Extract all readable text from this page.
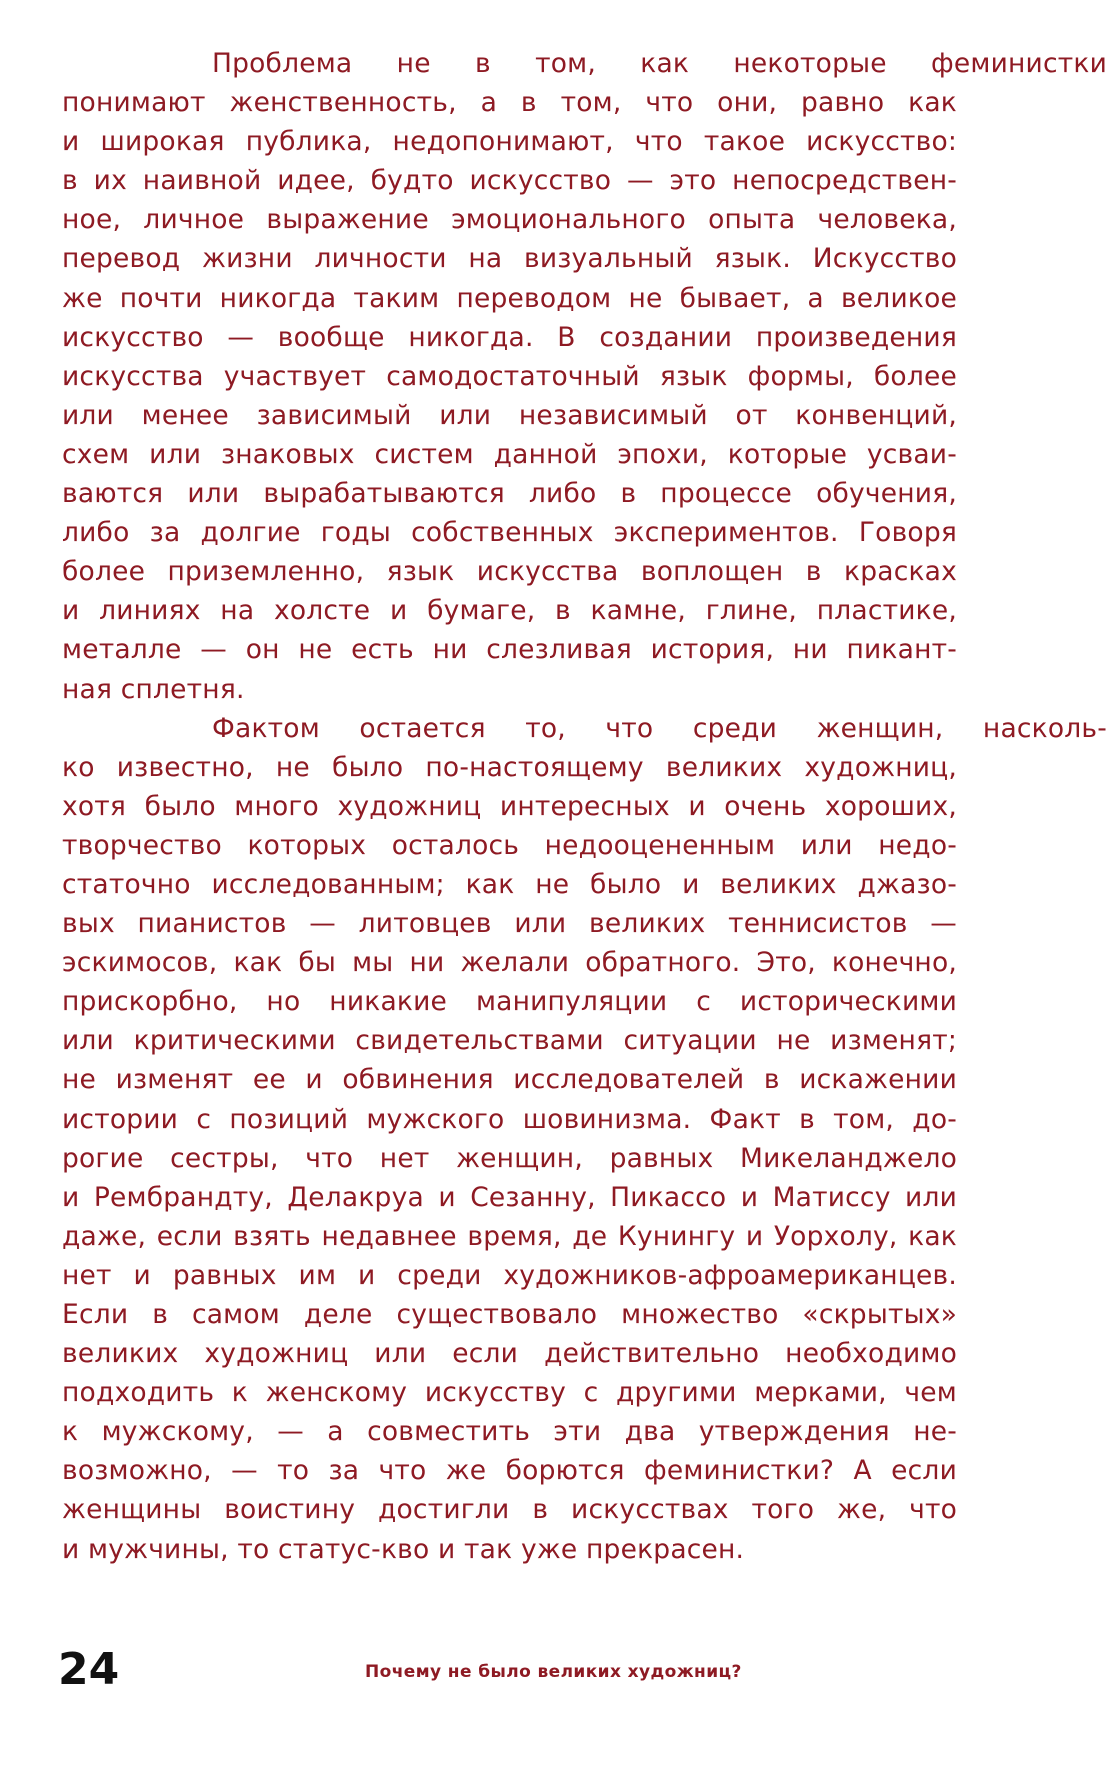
Проблема не в том, как некоторые феминистки
понимают женственность, а в том, что они, равно как
и широкая публика, недопонимают, что такое искусство:
в их наивной идее, будто искусство — это непосредствен-
ное, личное выражение эмоционального опыта человека,
перевод жизни личности на визуальный язык. Искусство
же почти никогда таким переводом не бывает, а великое
искусство — вообще никогда. В создании произведения
искусства участвует самодостаточный язык формы, более
или менее зависимый или независимый от конвенций,
схем или знаковых систем данной эпохи, которые усваи-
ваются или вырабатываются либо в процессе обучения,
либо за долгие годы собственных экспериментов. Говоря
более приземленно, язык искусства воплощен в красках
и линиях на холсте и бумаге, в камне, глине, пластике,
металле — он не есть ни слезливая история, ни пикант-
ная сплетня.
Фактом остается то, что среди женщин, насколь-
ко известно, не было по-настоящему великих художниц,
хотя было много художниц интересных и очень хороших,
творчество которых осталось недооцененным или недо-
статочно исследованным; как не было и великих джазо-
вых пианистов — литовцев или великих теннисистов —
эскимосов, как бы мы ни желали обратного. Это, конечно,
прискорбно, но никакие манипуляции с историческими
или критическими свидетельствами ситуации не изменят;
не изменят ее и обвинения исследователей в искажении
истории с позиций мужского шовинизма. Факт в том, до-
рогие сестры, что нет женщин, равных Микеланджело
и Рембрандту, Делакруа и Сезанну, Пикассо и Матиссу или
даже, если взять недавнее время, де Кунингу и Уорхолу, как
нет и равных им и среди художников-афроамериканцев.
Если в самом деле существовало множество «скрытых»
великих художниц или если действительно необходимо
подходить к женскому искусству с другими мерками, чем
к мужскому, — а совместить эти два утверждения не-
возможно, — то за что же борются феминистки? А если
женщины воистину достигли в искусствах того же, что
и мужчины, то статус-кво и так уже прекрасен.
24	Почему не было великих художниц?
